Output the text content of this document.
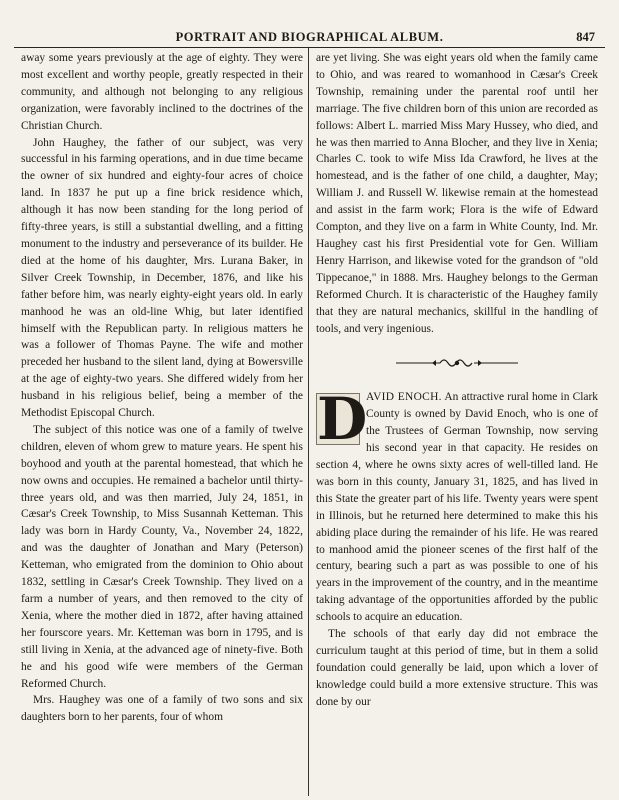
PORTRAIT AND BIOGRAPHICAL ALBUM.	847

away some years previously at the age of eighty. They were most excellent and worthy people, greatly respected in their community, and although not belonging to any religious organization, were favorably inclined to the doctrines of the Christian Church.

John Haughey, the father of our subject, was very successful in his farming operations, and in due time became the owner of six hundred and eighty-four acres of choice land. In 1837 he put up a fine brick residence which, although it has now been standing for the long period of fifty-three years, is still a substantial dwelling, and a fitting monument to the industry and perseverance of its builder. He died at the home of his daughter, Mrs. Lurana Baker, in Silver Creek Township, in December, 1876, and like his father before him, was nearly eighty-eight years old. In early manhood he was an old-line Whig, but later identified himself with the Republican party. In religious matters he was a follower of Thomas Payne. The wife and mother preceded her husband to the silent land, dying at Bowersville at the age of eighty-two years. She differed widely from her husband in his religious belief, being a member of the Methodist Episcopal Church.

The subject of this notice was one of a family of twelve children, eleven of whom grew to mature years. He spent his boyhood and youth at the parental homestead, that which he now owns and occupies. He remained a bachelor until thirty-three years old, and was then married, July 24, 1851, in Cæsar's Creek Township, to Miss Susannah Ketteman. This lady was born in Hardy County, Va., November 24, 1822, and was the daughter of Jonathan and Mary (Peterson) Ketteman, who emigrated from the dominion to Ohio about 1832, settling in Cæsar's Creek Township. They lived on a farm a number of years, and then removed to the city of Xenia, where the mother died in 1872, after having attained her fourscore years. Mr. Ketteman was born in 1795, and is still living in Xenia, at the advanced age of ninety-five. Both he and his good wife were members of the German Reformed Church.

Mrs. Haughey was one of a family of two sons and six daughters born to her parents, four of whom

are yet living. She was eight years old when the family came to Ohio, and was reared to womanhood in Cæsar's Creek Township, remaining under the parental roof until her marriage. The five children born of this union are recorded as follows: Albert L. married Miss Mary Hussey, who died, and he was then married to Anna Blocher, and they live in Xenia; Charles C. took to wife Miss Ida Crawford, he lives at the homestead, and is the father of one child, a daughter, May; William J. and Russell W. likewise remain at the homestead and assist in the farm work; Flora is the wife of Edward Compton, and they live on a farm in White County, Ind. Mr. Haughey cast his first Presidential vote for Gen. William Henry Harrison, and likewise voted for the grandson of "old Tippecanoe," in 1888. Mrs. Haughey belongs to the German Reformed Church. It is characteristic of the Haughey family that they are natural mechanics, skillful in the handling of tools, and very ingenious.

D
AVID ENOCH. An attractive rural home in Clark County is owned by David Enoch, who is one of the Trustees of German Township, now serving his second year in that capacity. He resides on section 4, where he owns sixty acres of well-tilled land. He was born in this county, January 31, 1825, and has lived in this State the greater part of his life. Twenty years were spent in Illinois, but he returned here determined to make this his abiding place during the remainder of his life. He was reared to manhood amid the pioneer scenes of the first half of the century, bearing such a part as was possible to one of his years in the improvement of the country, and in the meantime taking advantage of the opportunities afforded by the public schools to acquire an education.

The schools of that early day did not embrace the curriculum taught at this period of time, but in them a solid foundation could generally be laid, upon which a lover of knowledge could build a more extensive structure. This was done by our
